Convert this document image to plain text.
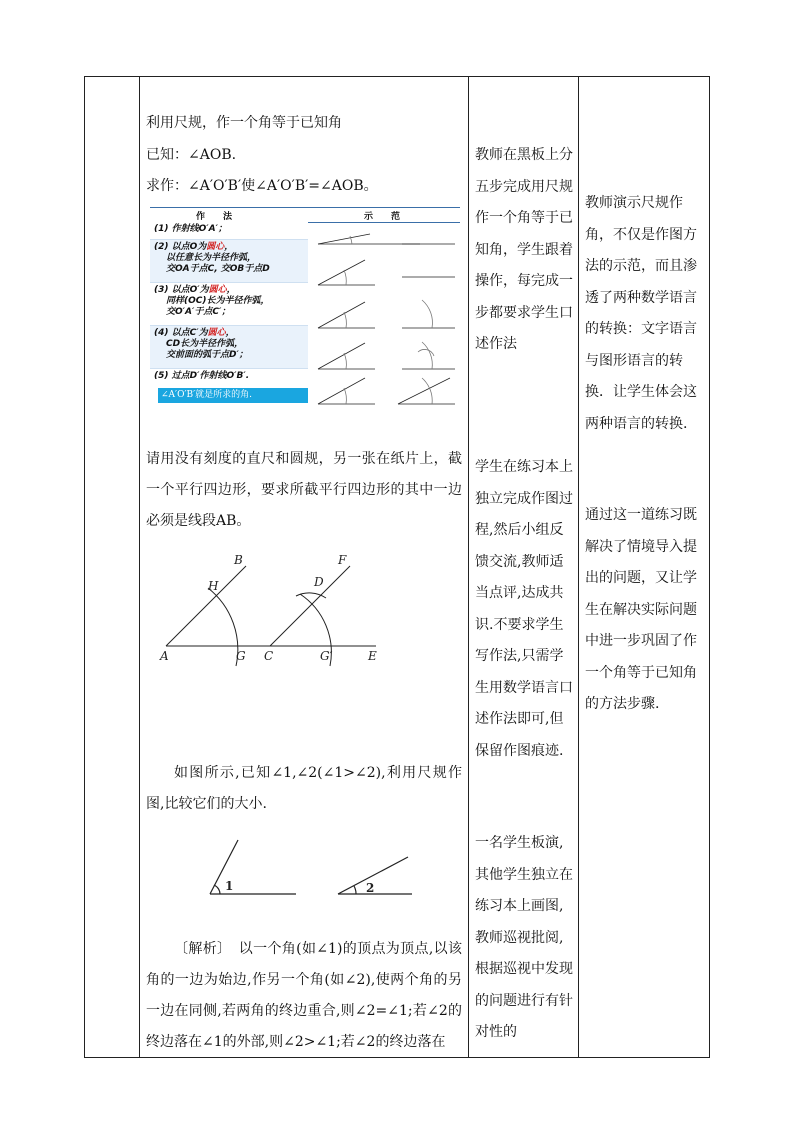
利用尺规，作一个角等于已知角
已知：∠AOB.
求作：∠A′O′B′使∠A′O′B′=∠AOB。
作　　法	示　　范
(1) 作射线O′A′；
(2) 以点O为圆心，
以任意长为半径作弧，
交OA于点C, 交OB于点D
(3) 以点O′为圆心，
同样(OC)长为半径作弧，
交O′A′于点C′；
(4) 以点C′为圆心，
CD长为半径作弧，
交前面的弧于点D′；
(5) 过点D′作射线O′B′.
∠A′O′B′就是所求的角.
请用没有刻度的直尺和圆规，另一张在纸片上，截一个平行四边形，要求所截平行四边形的其中一边必须是线段AB。
B
H
A	G
F
D
C	G′	E
如图所示,已知∠1,∠2(∠1>∠2),利用尺规作图,比较它们的大小.
1	2
〔解析〕　以一个角(如∠1)的顶点为顶点,以该角的一边为始边,作另一个角(如∠2),使两个角的另一边在同侧,若两角的终边重合,则∠2=∠1;若∠2的终边落在∠1的外部,则∠2>∠1;若∠2的终边落在
教师在黑板上分五步完成用尺规作一个角等于已知角，学生跟着操作，每完成一步都要求学生口述作法
学生在练习本上独立完成作图过程,然后小组反馈交流,教师适当点评,达成共识.不要求学生写作法,只需学生用数学语言口述作法即可,但保留作图痕迹.
一名学生板演,其他学生独立在练习本上画图,教师巡视批阅,根据巡视中发现的问题进行有针对性的
教师演示尺规作角，不仅是作图方法的示范，而且渗透了两种数学语言的转换：文字语言与图形语言的转换．让学生体会这两种语言的转换.
通过这一道练习既解决了情境导入提出的问题，又让学生在解决实际问题中进一步巩固了作一个角等于已知角的方法步骤.
